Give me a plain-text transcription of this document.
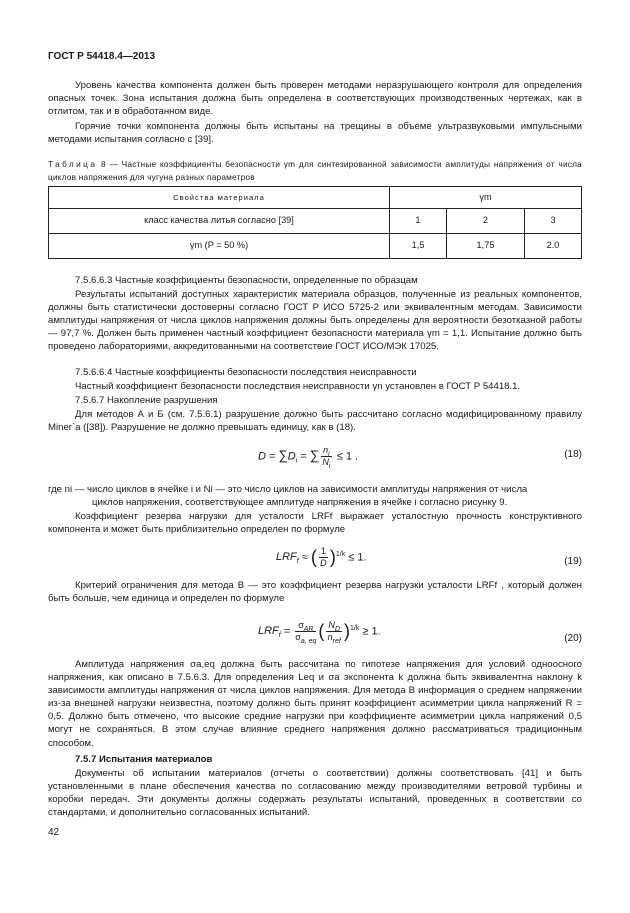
ГОСТ Р 54418.4—2013
Уровень качества компонента должен быть проверен методами неразрушающего контроля для определения опасных точек. Зона испытания должна быть определена в соответствующих производственных чертежах, как в отлитом, так и в обработанном виде.
Горячие точки компонента должны быть испытаны на трещины в объеме ультразвуковыми импульсными методами испытания согласно с [39].
Таблица 8 — Частные коэффициенты безопасности γm для синтезированной зависимости амплитуды напряжения от числа циклов напряжения для чугуна разных параметров
Свойства материала	γm		
класс качества литья согласно [39]	1	2	3
γm (P = 50 %)	1,5	1,75	2.0
7.5.6.6.3 Частные коэффициенты безопасности, определенные по образцам
Результаты испытаний доступных характеристик материала образцов, полученные из реальных компонентов, должны быть статистически достоверны согласно ГОСТ Р ИСО 5725-2 или эквивалентным методам. Зависимости амплитуды напряжения от числа циклов напряжения должны быть определены для вероятности безотказной работы — 97,7 %. Должен быть применен частный коэффициент безопасности материала γm = 1,1. Испытание должно быть проведено лабораториями, аккредитованными на соответствие ГОСТ ИСО/МЭК 17025.
7.5.6.6.4 Частные коэффициенты безопасности последствия неисправности
Частный коэффициент безопасности последствия неисправности γn установлен в ГОСТ Р 54418.1.
7.5.6.7 Накопление разрушения
Для методов А и Б (см. 7.5.6.1) разрушение должно быть рассчитано согласно модифицированному правилу Miner`a ([38]). Разрушение не должно превышать единицу, как в (18).
$D = \sum D_i$ = ∑ $\frac{n_i}{N_i} \le 1$ .	(18)
где ni — число циклов в ячейке i и Ni — это число циклов на зависимости амплитуды напряжения от числа
циклов напряжения, соответствующее амплитуде напряжения в ячейке i согласно рисунку 9.
Коэффициент резерва нагрузки для усталости LRFf выражает усталостную прочность конструктивного компонента и может быть приблизительно определен по формуле
$LRF_f$ ≈ ( $\frac{1}{D} )^{1/k} \le 1$.	(19)
Критерий ограничения для метода В — это коэффициент резерва нагрузки усталости LRFf , который должен быть больше, чем единица и определен по формуле
$LRF_f = \frac{\sigma_{AR}}{\sigma_{a, eq}}$ ( $\frac{N_D}{n_{ref}} )^{1/k} \ge 1$.
(20)
Амплитуда напряжения σa,eq должна быть рассчитана по гипотезе напряжения для условий одноосного напряжения, как описано в 7.5.6.3. Для определения Leq и σa экспонента k должна быть эквивалентна наклону k зависимости амплитуды напряжения от числа циклов напряжения. Для метода В информация о среднем напряжении из-за внешней нагрузки неизвестна, поэтому должно быть принят коэффициент асимметрии цикла напряжений R = 0,5. Должно быть отмечено, что высокие средние нагрузки при коэффициенте асимметрии цикла напряжений 0,5 могут не сохраняться. В этом случае влияние среднего напряжения должно рассматриваться традиционным способом.
7.5.7 Испытания материалов
Документы об испытании материалов (отчеты о соответствии) должны соответствовать [41] и быть установленными в плане обеспечения качества по согласованию между производителями ветровой турбины и коробки передач. Эти документы должны содержать результаты испытаний, проведенных в соответствии со стандартами, и дополнительно согласованных испытаний.
42
